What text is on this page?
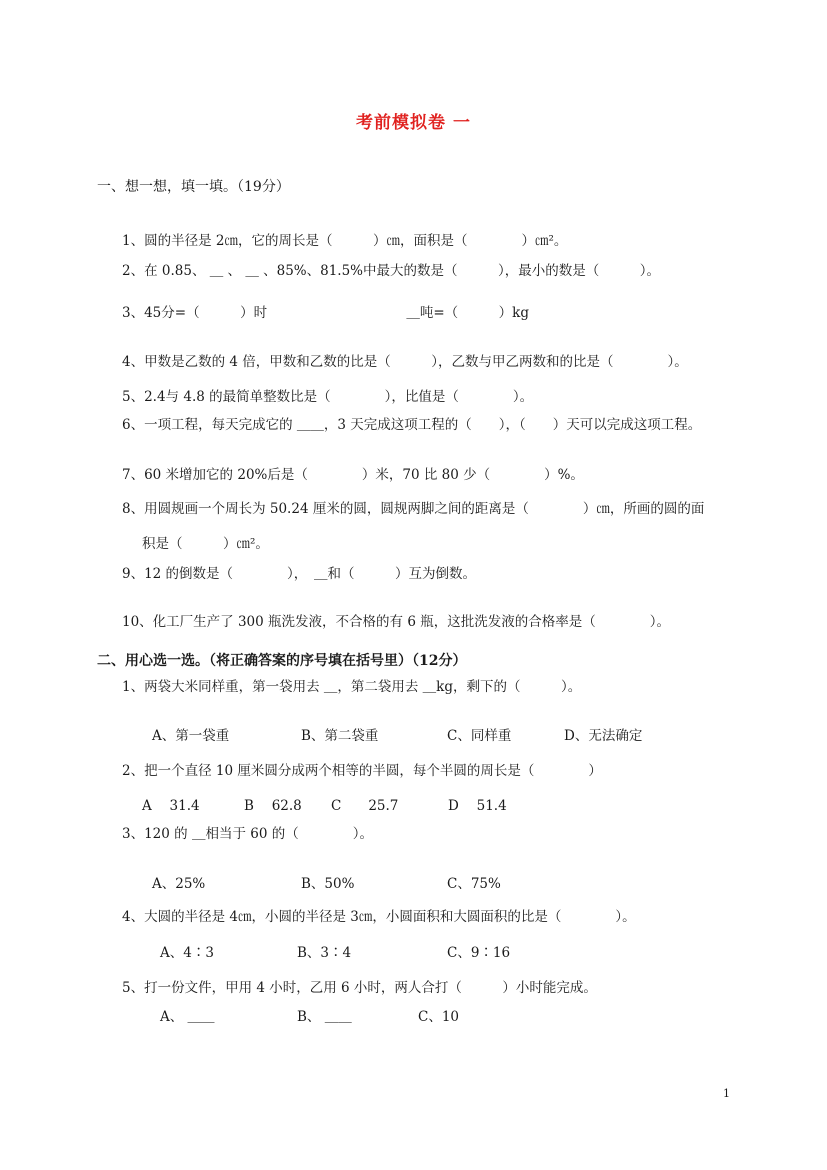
考前模拟卷 一
一、想一想，填一填。（19分）
1、圆的半径是 2㎝，它的周长是（　　　）㎝，面积是（　　　　）㎝²。
2、在 0.85、 ＿ 、 ＿ 、85%、81.5%中最大的数是（　　　），最小的数是（　　　）。
3、45分=（　　　）时　　　　　　　　　　 ＿吨=（　　　）kg
4、甲数是乙数的 4 倍，甲数和乙数的比是（　　　），乙数与甲乙两数和的比是（　　　　）。
5、2.4与 4.8 的最简单整数比是（　　　　），比值是（　　　　）。
6、一项工程，每天完成它的 ＿＿，3 天完成这项工程的（　　），（　　）天可以完成这项工程。
7、60 米增加它的 20%后是（　　　　）米，70 比 80 少（　　　　）%。
8、用圆规画一个周长为 50.24 厘米的圆，圆规两脚之间的距离是（　　　　）㎝，所画的圆的面
积是（　　　）㎝²。
9、12 的倒数是（　　　　），　＿和（　　　）互为倒数。
10、化工厂生产了 300 瓶洗发液，不合格的有 6 瓶，这批洗发液的合格率是（　　　　）。
二、用心选一选。（将正确答案的序号填在括号里）（12分）
1、两袋大米同样重，第一袋用去 ＿，第二袋用去 ＿kg，剩下的（　　　）。
A、第一袋重	B、第二袋重	C、同样重	D、无法确定
2、把一个直径 10 厘米圆分成两个相等的半圆，每个半圆的周长是（　　　　）
A　 31.4	B　 62.8 C　　25.7	D　 51.4
3、120 的 ＿相当于 60 的（　　　　）。
A、25%	B、50%	C、75%
4、大圆的半径是 4㎝，小圆的半径是 3㎝，小圆面积和大圆面积的比是（　　　　）。
A、4∶3	B、3∶4	C、9∶16
5、打一份文件，甲用 4 小时，乙用 6 小时，两人合打（　　　）小时能完成。
A、 ＿＿	B、 ＿＿	C、10
1
